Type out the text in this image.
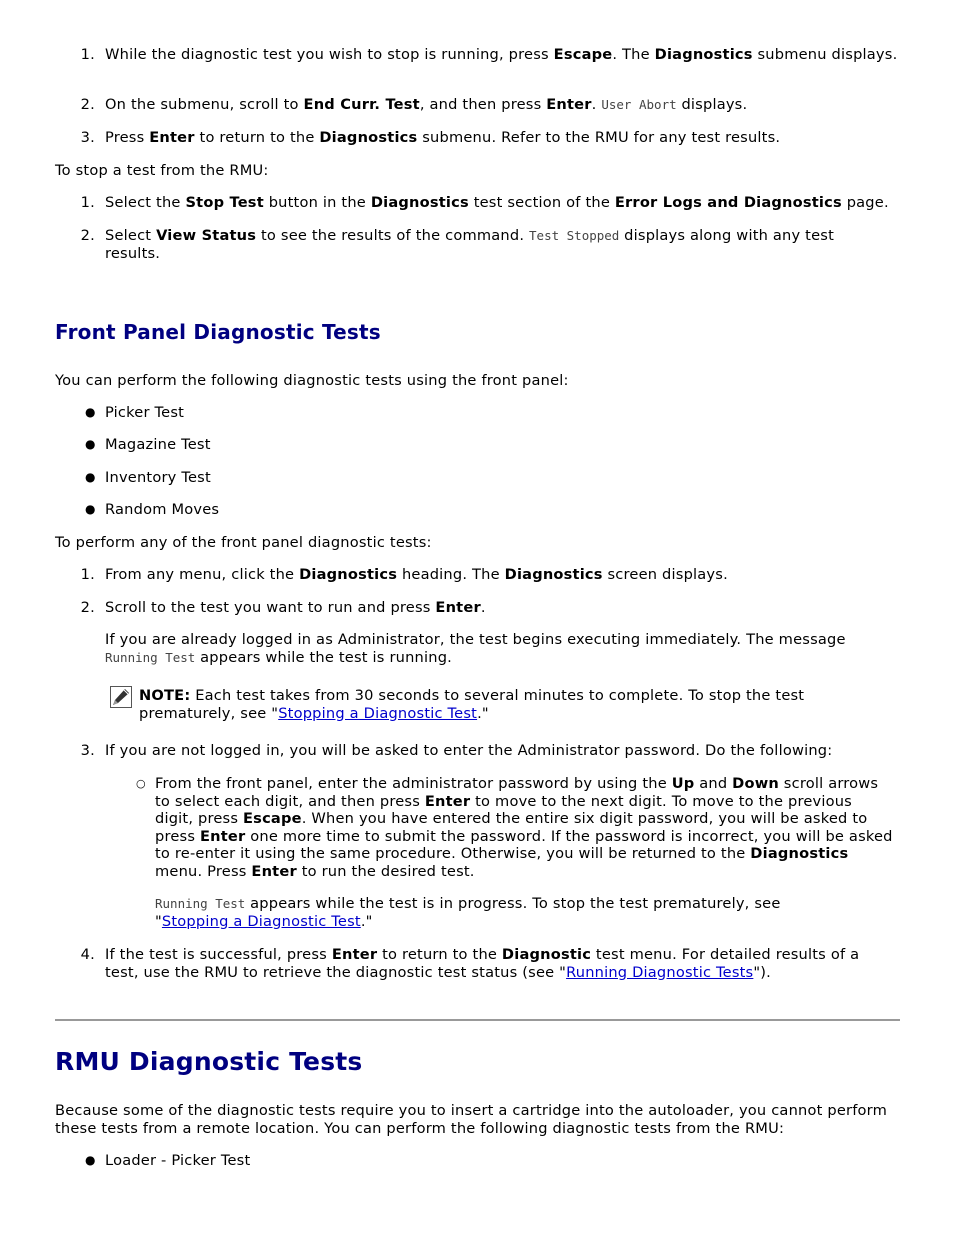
1. While the diagnostic test you wish to stop is running, press Escape. The Diagnostics submenu displays.
2. On the submenu, scroll to End Curr. Test, and then press Enter. User Abort displays.
3. Press Enter to return to the Diagnostics submenu. Refer to the RMU for any test results.
To stop a test from the RMU:
1. Select the Stop Test button in the Diagnostics test section of the Error Logs and Diagnostics page.
2. Select View Status to see the results of the command. Test Stopped displays along with any test results.
Front Panel Diagnostic Tests
You can perform the following diagnostic tests using the front panel:
● Picker Test
● Magazine Test
● Inventory Test
● Random Moves
To perform any of the front panel diagnostic tests:
1. From any menu, click the Diagnostics heading. The Diagnostics screen displays.
2. Scroll to the test you want to run and press Enter.
If you are already logged in as Administrator, the test begins executing immediately. The message Running Test appears while the test is running.
NOTE: Each test takes from 30 seconds to several minutes to complete. To stop the test prematurely, see "Stopping a Diagnostic Test."
3. If you are not logged in, you will be asked to enter the Administrator password. Do the following:
○ From the front panel, enter the administrator password by using the Up and Down scroll arrows to select each digit, and then press Enter to move to the next digit. To move to the previous digit, press Escape. When you have entered the entire six digit password, you will be asked to press Enter one more time to submit the password. If the password is incorrect, you will be asked to re-enter it using the same procedure. Otherwise, you will be returned to the Diagnostics menu. Press Enter to run the desired test.
Running Test appears while the test is in progress. To stop the test prematurely, see "Stopping a Diagnostic Test."
4. If the test is successful, press Enter to return to the Diagnostic test menu. For detailed results of a test, use the RMU to retrieve the diagnostic test status (see "Running Diagnostic Tests").
RMU Diagnostic Tests
Because some of the diagnostic tests require you to insert a cartridge into the autoloader, you cannot perform these tests from a remote location. You can perform the following diagnostic tests from the RMU:
● Loader - Picker Test
